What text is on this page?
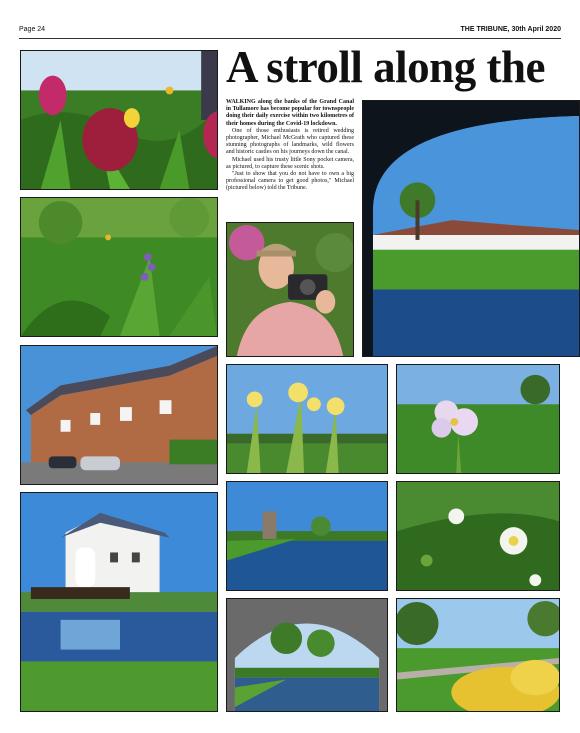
Page 24	THE TRIBUNE, 30th April 2020
A stroll along the

WALKING along the banks of the Grand Canal in Tullamore has become popular for townspeople doing their daily exercise within two kilometres of their homes during the Covid-19 lockdown.

One of those enthusiasts is retired wedding photographer, Michael McGrath who captured these stunning photographs of landmarks, wild flowers and historic castles on his journeys down the canal.

Michael used his trusty little Sony pocket camera, as pictured, to capture these scenic shots.

"Just to show that you do not have to own a big professional camera to get good photos," Michael (pictured below) told the Tribune.
